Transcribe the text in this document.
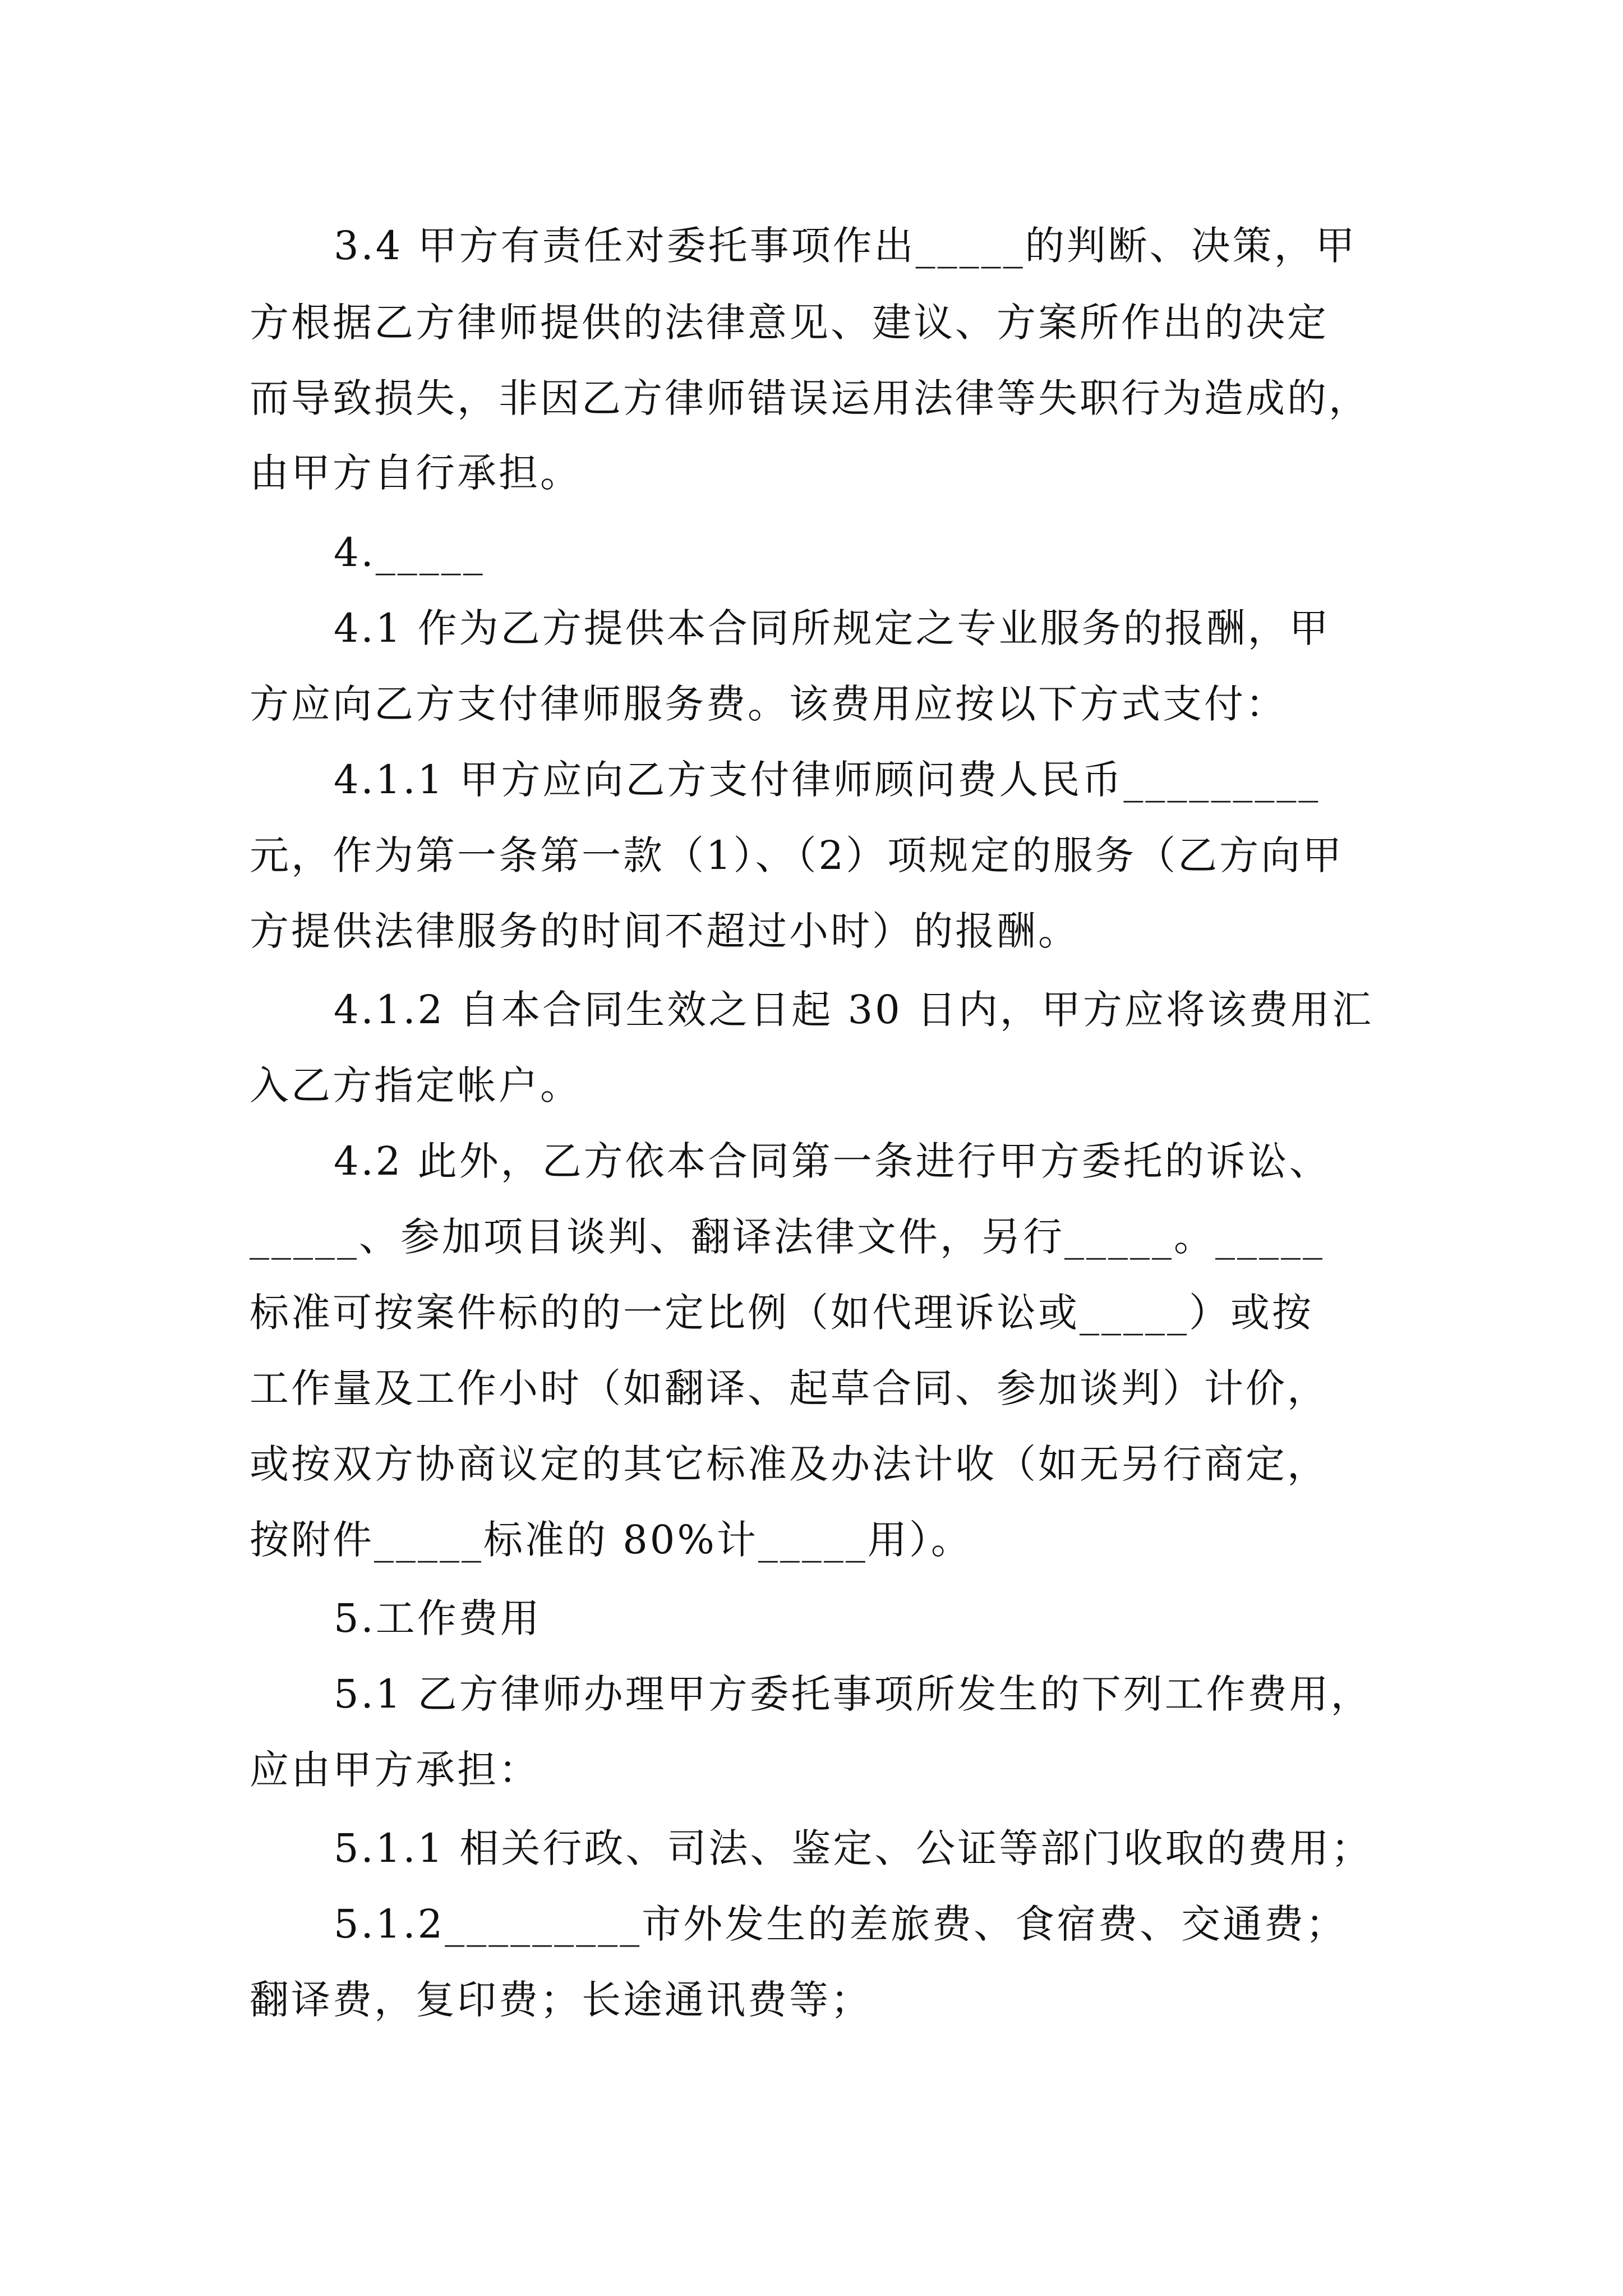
3.4 甲方有责任对委托事项作出_____的判断、决策，甲
方根据乙方律师提供的法律意见、建议、方案所作出的决定
而导致损失，非因乙方律师错误运用法律等失职行为造成的，
由甲方自行承担。
4._____
4.1 作为乙方提供本合同所规定之专业服务的报酬，甲
方应向乙方支付律师服务费。该费用应按以下方式支付：
4.1.1 甲方应向乙方支付律师顾问费人民币_________
元，作为第一条第一款（1）、（2）项规定的服务（乙方向甲
方提供法律服务的时间不超过小时）的报酬。
4.1.2 自本合同生效之日起 30 日内，甲方应将该费用汇
入乙方指定帐户。
4.2 此外，乙方依本合同第一条进行甲方委托的诉讼、
_____、参加项目谈判、翻译法律文件，另行_____。_____
标准可按案件标的的一定比例（如代理诉讼或_____）或按
工作量及工作小时（如翻译、起草合同、参加谈判）计价，
或按双方协商议定的其它标准及办法计收（如无另行商定，
按附件_____标准的 80%计_____用）。
5.工作费用
5.1 乙方律师办理甲方委托事项所发生的下列工作费用，
应由甲方承担：
5.1.1 相关行政、司法、鉴定、公证等部门收取的费用；
5.1.2_________市外发生的差旅费、食宿费、交通费；
翻译费，复印费；长途通讯费等；
